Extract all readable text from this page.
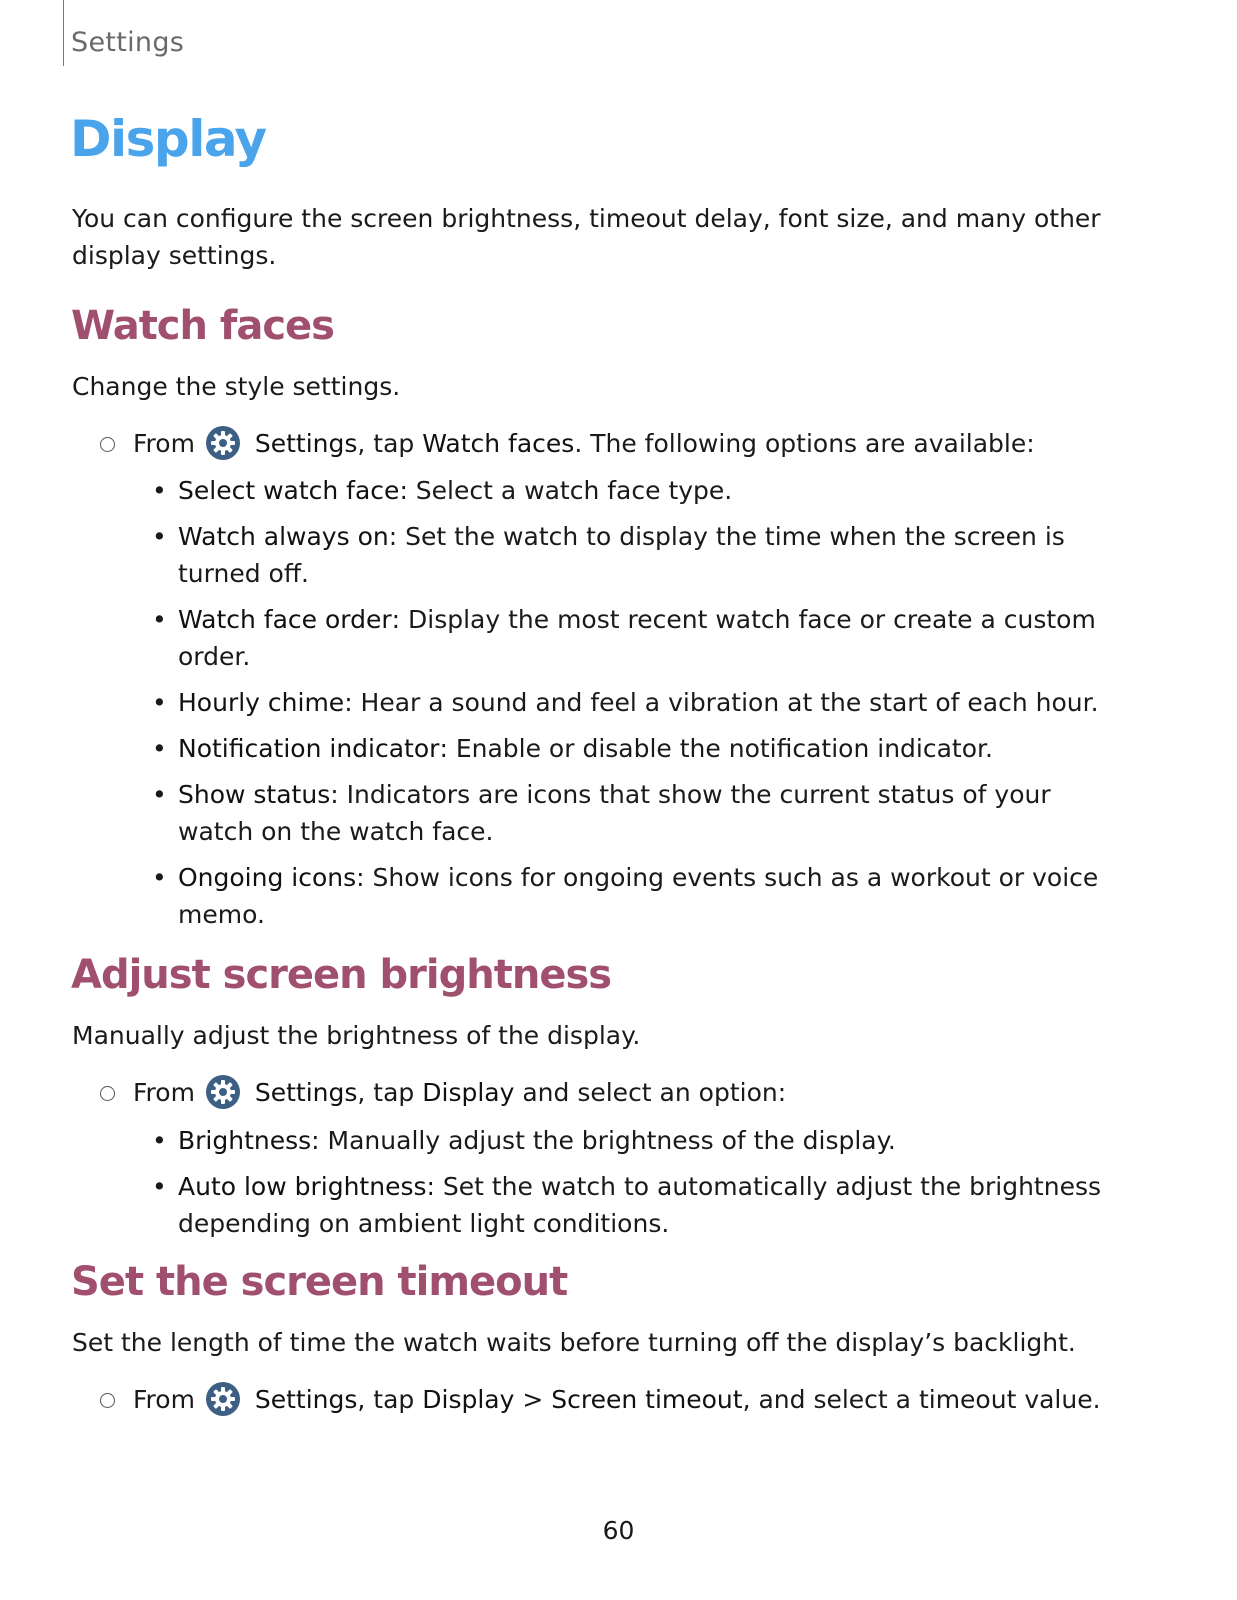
Settings
Display

You can configure the screen brightness, timeout delay, font size, and many other display settings.

Watch faces

Change the style settings.

From Settings, tap Watch faces. The following options are available:
• Select watch face: Select a watch face type.
• Watch always on: Set the watch to display the time when the screen is turned off.
• Watch face order: Display the most recent watch face or create a custom order.
• Hourly chime: Hear a sound and feel a vibration at the start of each hour.
• Notification indicator: Enable or disable the notification indicator.
• Show status: Indicators are icons that show the current status of your watch on the watch face.
• Ongoing icons: Show icons for ongoing events such as a workout or voice memo.
Adjust screen brightness

Manually adjust the brightness of the display.

From Settings, tap Display and select an option:
• Brightness: Manually adjust the brightness of the display.
• Auto low brightness: Set the watch to automatically adjust the brightness depending on ambient light conditions.
Set the screen timeout

Set the length of time the watch waits before turning off the display’s backlight.

From Settings, tap Display > Screen timeout, and select a timeout value.
60
